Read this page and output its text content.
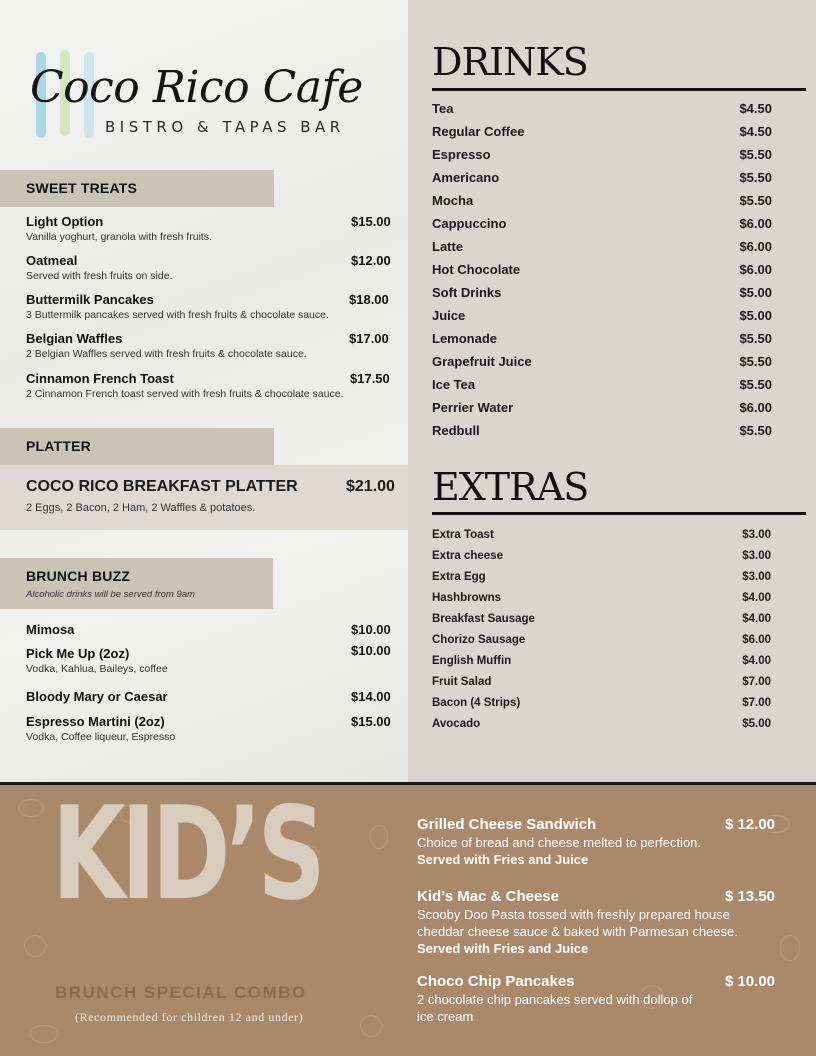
Coco Rico Cafe
BISTRO & TAPAS BAR
SWEET TREATS
Light Option	$15.00
Vanilla yoghurt, granola with fresh fruits.
Oatmeal	$12.00
Served with fresh fruits on side.
Buttermilk Pancakes	$18.00
3 Buttermilk pancakes served with fresh fruits & chocolate sauce.
Belgian Waffles	$17.00
2 Belgian Waffles served with fresh fruits & chocolate sauce.
Cinnamon French Toast	$17.50
2 Cinnamon French toast served with fresh fruits & chocolate sauce.
PLATTER
COCO RICO BREAKFAST PLATTER	$21.00
2 Eggs, 2 Bacon, 2 Ham, 2 Waffles & potatoes.
BRUNCH BUZZ
Alcoholic drinks will be served from 9am
Mimosa	$10.00
Pick Me Up (2oz)	$10.00
Vodka, Kahlua, Baileys, coffee
Bloody Mary or Caesar	$14.00
Espresso Martini (2oz)	$15.00
Vodka, Coffee liqueur, Espresso
DRINKS
Tea	$4.50
Regular Coffee	$4.50
Espresso	$5.50
Americano	$5.50
Mocha	$5.50
Cappuccino	$6.00
Latte	$6.00
Hot Chocolate	$6.00
Soft Drinks	$5.00
Juice	$5.00
Lemonade	$5.50
Grapefruit Juice	$5.50
Ice Tea	$5.50
Perrier Water	$6.00
Redbull	$5.50
EXTRAS
Extra Toast	$3.00
Extra cheese	$3.00
Extra Egg	$3.00
Hashbrowns	$4.00
Breakfast Sausage	$4.00
Chorizo Sausage	$6.00
English Muffin	$4.00
Fruit Salad	$7.00
Bacon (4 Strips)	$7.00
Avocado	$5.00
KID’S
BRUNCH SPECIAL COMBO
(Recommended for children 12 and under)
Grilled Cheese Sandwich	$ 12.00
Choice of bread and cheese melted to perfection.
Served with Fries and Juice
Kid’s Mac & Cheese	$ 13.50
Scooby Doo Pasta tossed with freshly prepared house cheddar cheese sauce & baked with Parmesan cheese.
Served with Fries and Juice
Choco Chip Pancakes	$ 10.00
2 chocolate chip pancakes served with dollop of ice cream
